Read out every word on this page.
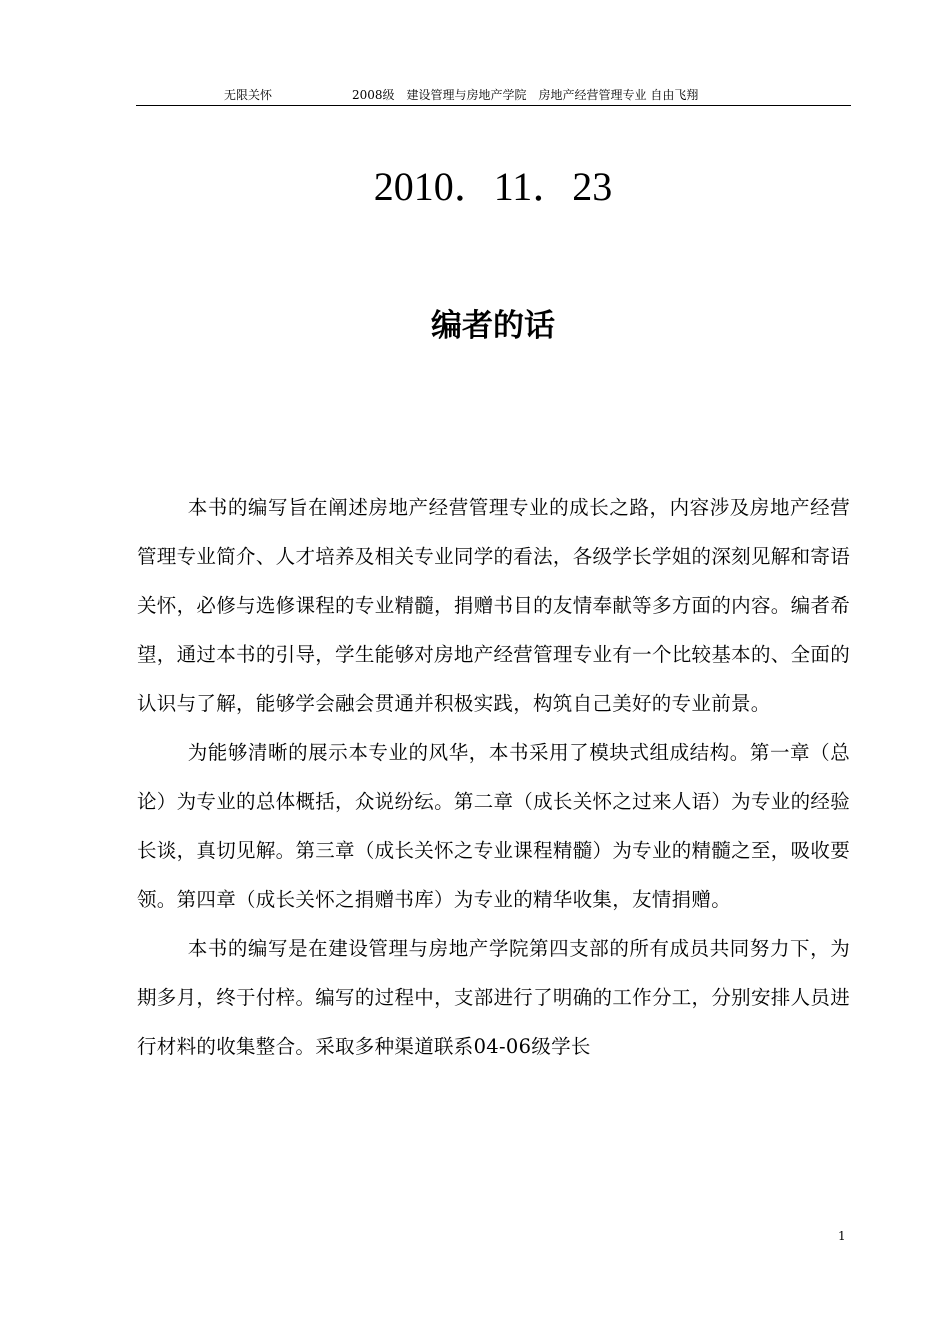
无限关怀	2008级　建设管理与房地产学院　房地产经营管理专业 自由飞翔
2010．11．23
编者的话

本书的编写旨在阐述房地产经营管理专业的成长之路，内容涉及房地产经营管理专业简介、人才培养及相关专业同学的看法，各级学长学姐的深刻见解和寄语关怀，必修与选修课程的专业精髓，捐赠书目的友情奉献等多方面的内容。编者希望，通过本书的引导，学生能够对房地产经营管理专业有一个比较基本的、全面的认识与了解，能够学会融会贯通并积极实践，构筑自己美好的专业前景。

为能够清晰的展示本专业的风华，本书采用了模块式组成结构。第一章（总论）为专业的总体概括，众说纷纭。第二章（成长关怀之过来人语）为专业的经验长谈，真切见解。第三章（成长关怀之专业课程精髓）为专业的精髓之至，吸收要领。第四章（成长关怀之捐赠书库）为专业的精华收集，友情捐赠。

本书的编写是在建设管理与房地产学院第四支部的所有成员共同努力下，为期多月，终于付梓。编写的过程中，支部进行了明确的工作分工，分别安排人员进行材料的收集整合。采取多种渠道联系04-06级学长

1
